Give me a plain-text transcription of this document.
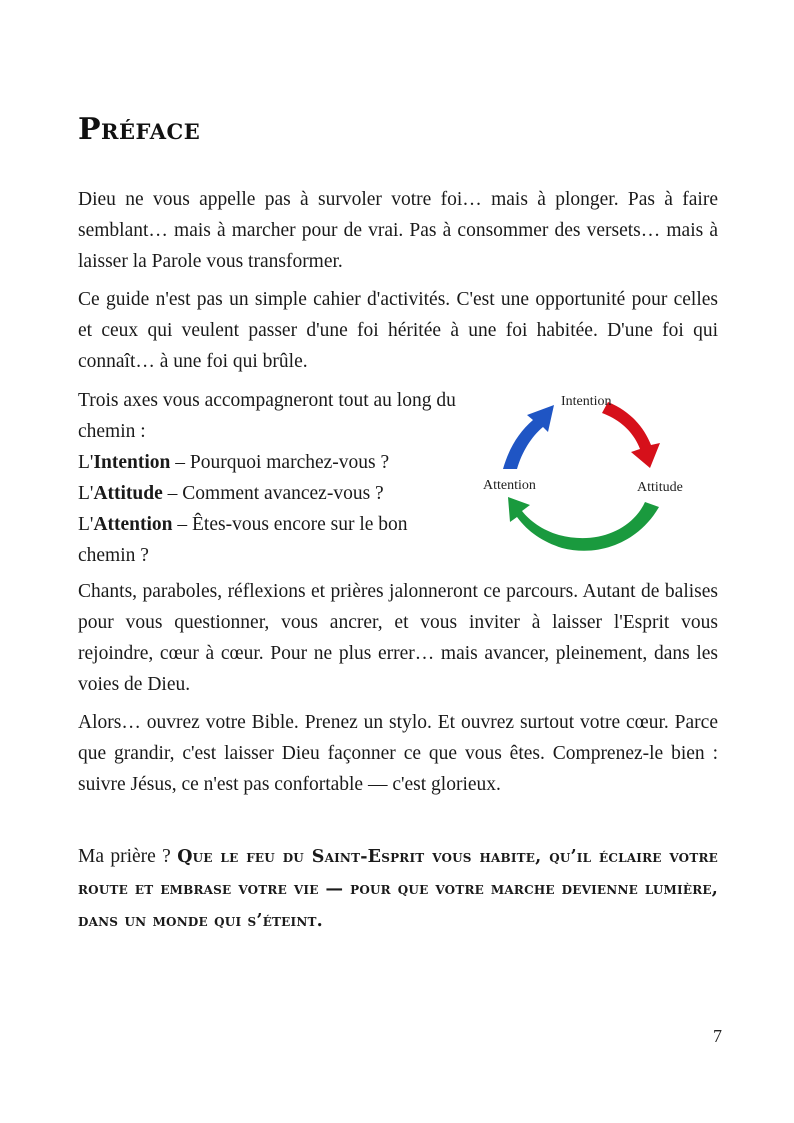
Préface

Dieu ne vous appelle pas à survoler votre foi… mais à plonger. Pas à faire semblant… mais à marcher pour de vrai. Pas à consommer des versets… mais à laisser la Parole vous transformer.

Ce guide n'est pas un simple cahier d'activités. C'est une opportunité pour celles et ceux qui veulent passer d'une foi héritée à une foi habitée. D'une foi qui connaît… à une foi qui brûle.

Trois axes vous accompagneront tout au long du chemin :

L'Intention – Pourquoi marchez-vous ?

L'Attitude – Comment avancez-vous ?

L'Attention – Êtes-vous encore sur le bon chemin ?

Intention
Attitude
Attention

Chants, paraboles, réflexions et prières jalonneront ce parcours. Autant de balises pour vous questionner, vous ancrer, et vous inviter à laisser l'Esprit vous rejoindre, cœur à cœur. Pour ne plus errer… mais avancer, pleinement, dans les voies de Dieu.

Alors… ouvrez votre Bible. Prenez un stylo. Et ouvrez surtout votre cœur. Parce que grandir, c'est laisser Dieu façonner ce que vous êtes. Comprenez-le bien : suivre Jésus, ce n'est pas confortable — c'est glorieux.

Ma prière ? Que le feu du Saint-Esprit vous habite, qu’il éclaire votre route et embrase votre vie — pour que votre marche devienne lumière, dans un monde qui s’éteint.

7
